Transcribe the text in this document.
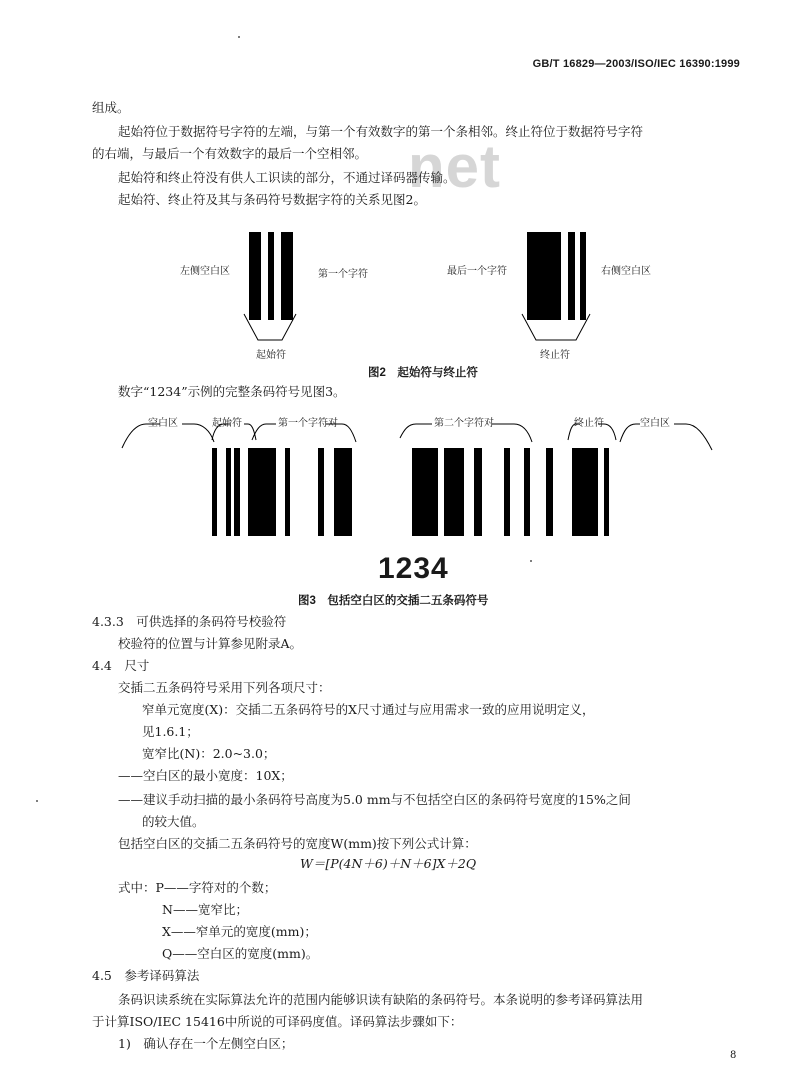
GB/T 16829—2003/ISO/IEC 16390:1999
net
组成。
起始符位于数据符号字符的左端，与第一个有效数字的第一个条相邻。终止符位于数据符号字符
的右端，与最后一个有效数字的最后一个空相邻。
起始符和终止符没有供人工识读的部分，不通过译码器传输。
起始符、终止符及其与条码符号数据字符的关系见图2。
左侧空白区	第一个字符	最后一个字符	右侧空白区
起始符	终止符
图2　起始符与终止符
数字“1234”示例的完整条码符号见图3。
空白区	起始符	第一个字符对	第二个字符对	终止符	空白区
1234
图3　包括空白区的交插二五条码符号
4.3.3　可供选择的条码符号校验符
校验符的位置与计算参见附录A。
4.4　尺寸
交插二五条码符号采用下列各项尺寸：
窄单元宽度(X)：交插二五条码符号的X尺寸通过与应用需求一致的应用说明定义，
见1.6.1；
宽窄比(N)：2.0~3.0；
——空白区的最小宽度：10X；
——建议手动扫描的最小条码符号高度为5.0 mm与不包括空白区的条码符号宽度的15%之间
的较大值。
包括空白区的交插二五条码符号的宽度W(mm)按下列公式计算：
W＝[P(4N＋6)＋N＋6]X＋2Q
式中：P——字符对的个数；
N——宽窄比；
X——窄单元的宽度(mm)；
Q——空白区的宽度(mm)。
4.5　参考译码算法
条码识读系统在实际算法允许的范围内能够识读有缺陷的条码符号。本条说明的参考译码算法用
于计算ISO/IEC 15416中所说的可译码度值。译码算法步骤如下：
1)　确认存在一个左侧空白区；
8
